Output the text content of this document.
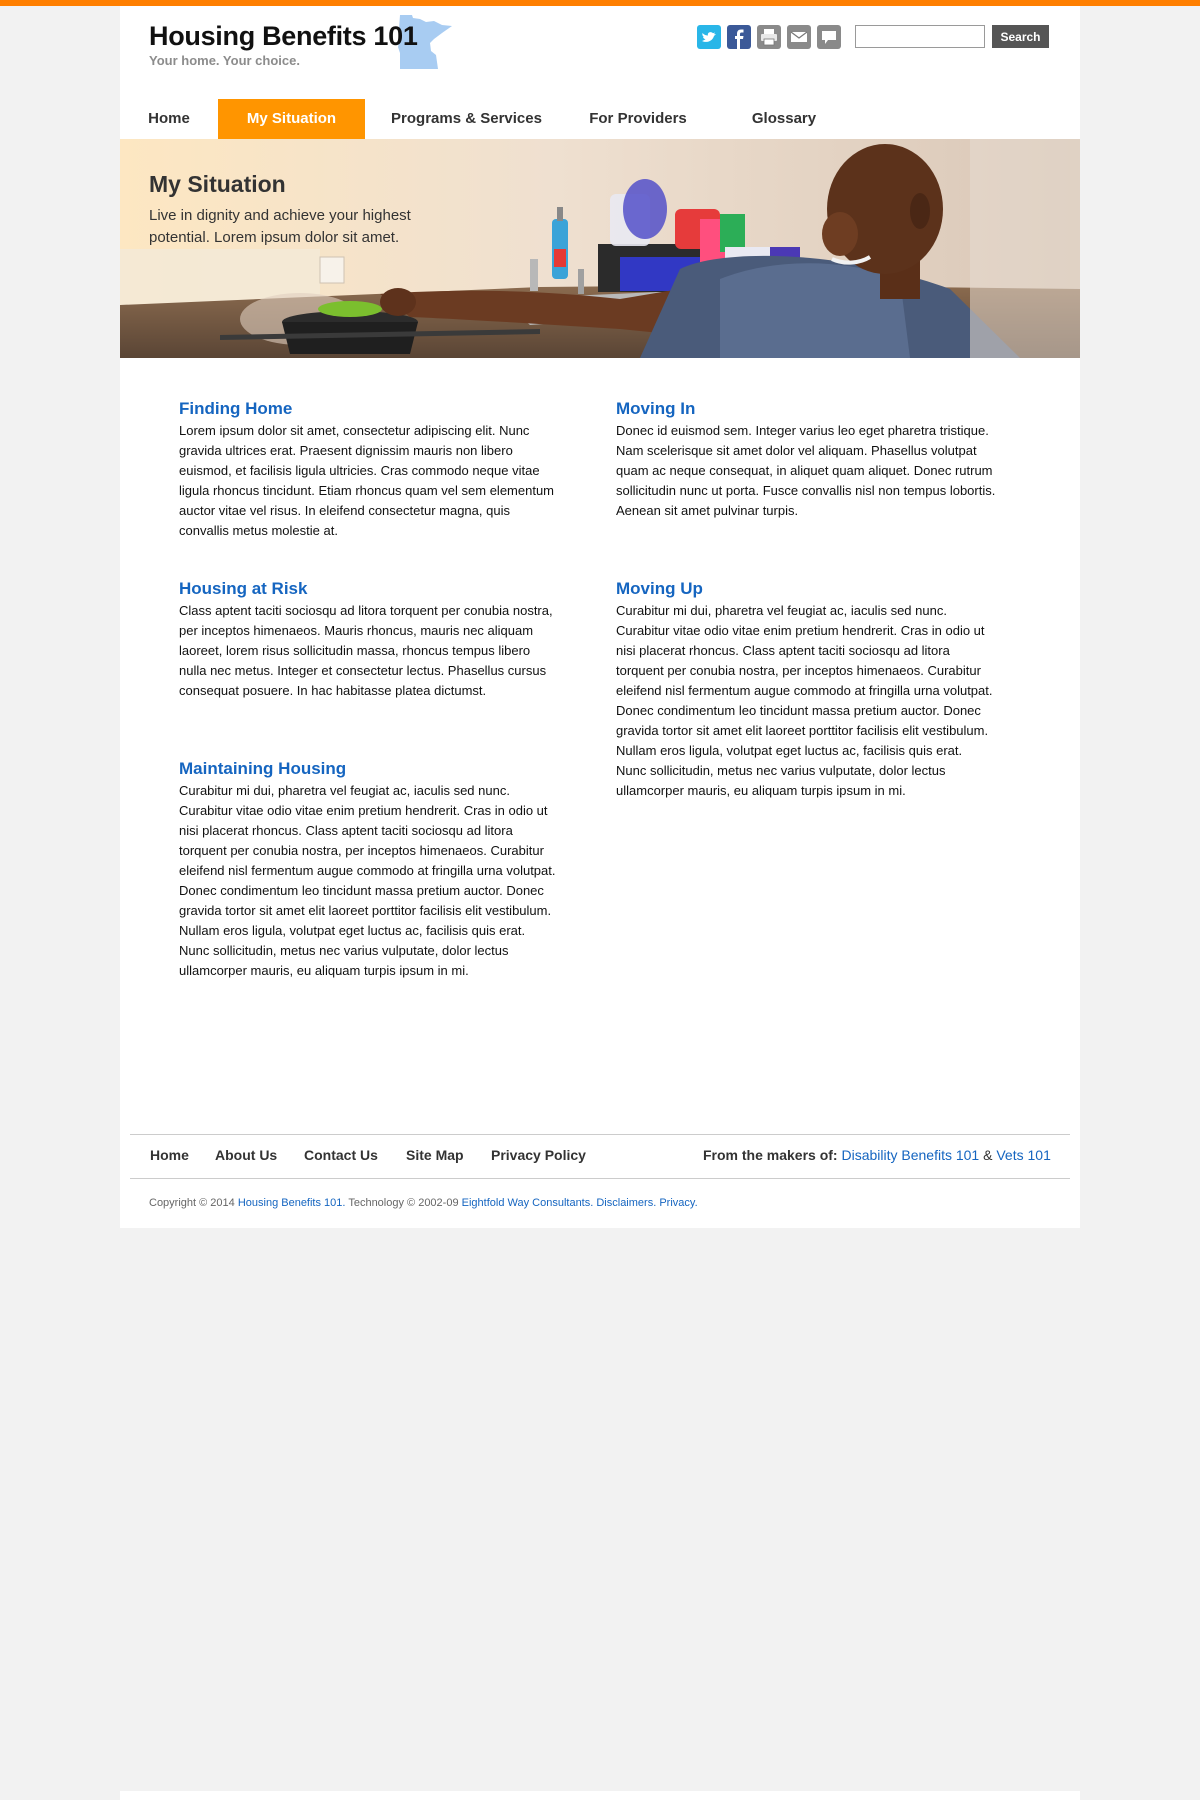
Housing Benefits 101
Your home. Your choice.
Search
Home	My Situation	Programs & Services	For Providers	Glossary
My Situation
Live in dignity and achieve your highest potential. Lorem ipsum dolor sit amet.
Finding Home

Lorem ipsum dolor sit amet, consectetur adipiscing elit. Nunc gravida ultrices erat. Praesent dignissim mauris non libero euismod, et facilisis ligula ultricies. Cras commodo neque vitae ligula rhoncus tincidunt. Etiam rhoncus quam vel sem elementum auctor vitae vel risus. In eleifend consectetur magna, quis convallis metus molestie at.

Moving In

Donec id euismod sem. Integer varius leo eget pharetra tristique. Nam scelerisque sit amet dolor vel aliquam. Phasellus volutpat quam ac neque consequat, in aliquet quam aliquet. Donec rutrum sollicitudin nunc ut porta. Fusce convallis nisl non tempus lobortis. Aenean sit amet pulvinar turpis.

Housing at Risk

Class aptent taciti sociosqu ad litora torquent per conubia nostra, per inceptos himenaeos. Mauris rhoncus, mauris nec aliquam laoreet, lorem risus sollicitudin massa, rhoncus tempus libero nulla nec metus. Integer et consectetur lectus. Phasellus cursus consequat posuere. In hac habitasse platea dictumst.

Moving Up

Curabitur mi dui, pharetra vel feugiat ac, iaculis sed nunc. Curabitur vitae odio vitae enim pretium hendrerit. Cras in odio ut nisi placerat rhoncus. Class aptent taciti sociosqu ad litora torquent per conubia nostra, per inceptos himenaeos. Curabitur eleifend nisl fermentum augue commodo at fringilla urna volutpat.

Donec condimentum leo tincidunt massa pretium auctor. Donec gravida tortor sit amet elit laoreet porttitor facilisis elit vestibulum. Nullam eros ligula, volutpat eget luctus ac, facilisis quis erat. Nunc sollicitudin, metus nec varius vulputate, dolor lectus ullamcorper mauris, eu aliquam turpis ipsum in mi.

Maintaining Housing

Curabitur mi dui, pharetra vel feugiat ac, iaculis sed nunc. Curabitur vitae odio vitae enim pretium hendrerit. Cras in odio ut nisi placerat rhoncus. Class aptent taciti sociosqu ad litora torquent per conubia nostra, per inceptos himenaeos. Curabitur eleifend nisl fermentum augue commodo at fringilla urna volutpat.

Donec condimentum leo tincidunt massa pretium auctor. Donec gravida tortor sit amet elit laoreet porttitor facilisis elit vestibulum. Nullam eros ligula, volutpat eget luctus ac, facilisis quis erat. Nunc sollicitudin, metus nec varius vulputate, dolor lectus ullamcorper mauris, eu aliquam turpis ipsum in mi.

Home About Us Contact Us Site Map Privacy Policy	From the makers of: Disability Benefits 101 & Vets 101
Copyright © 2014 Housing Benefits 101. Technology © 2002-09 Eightfold Way Consultants. Disclaimers. Privacy.
